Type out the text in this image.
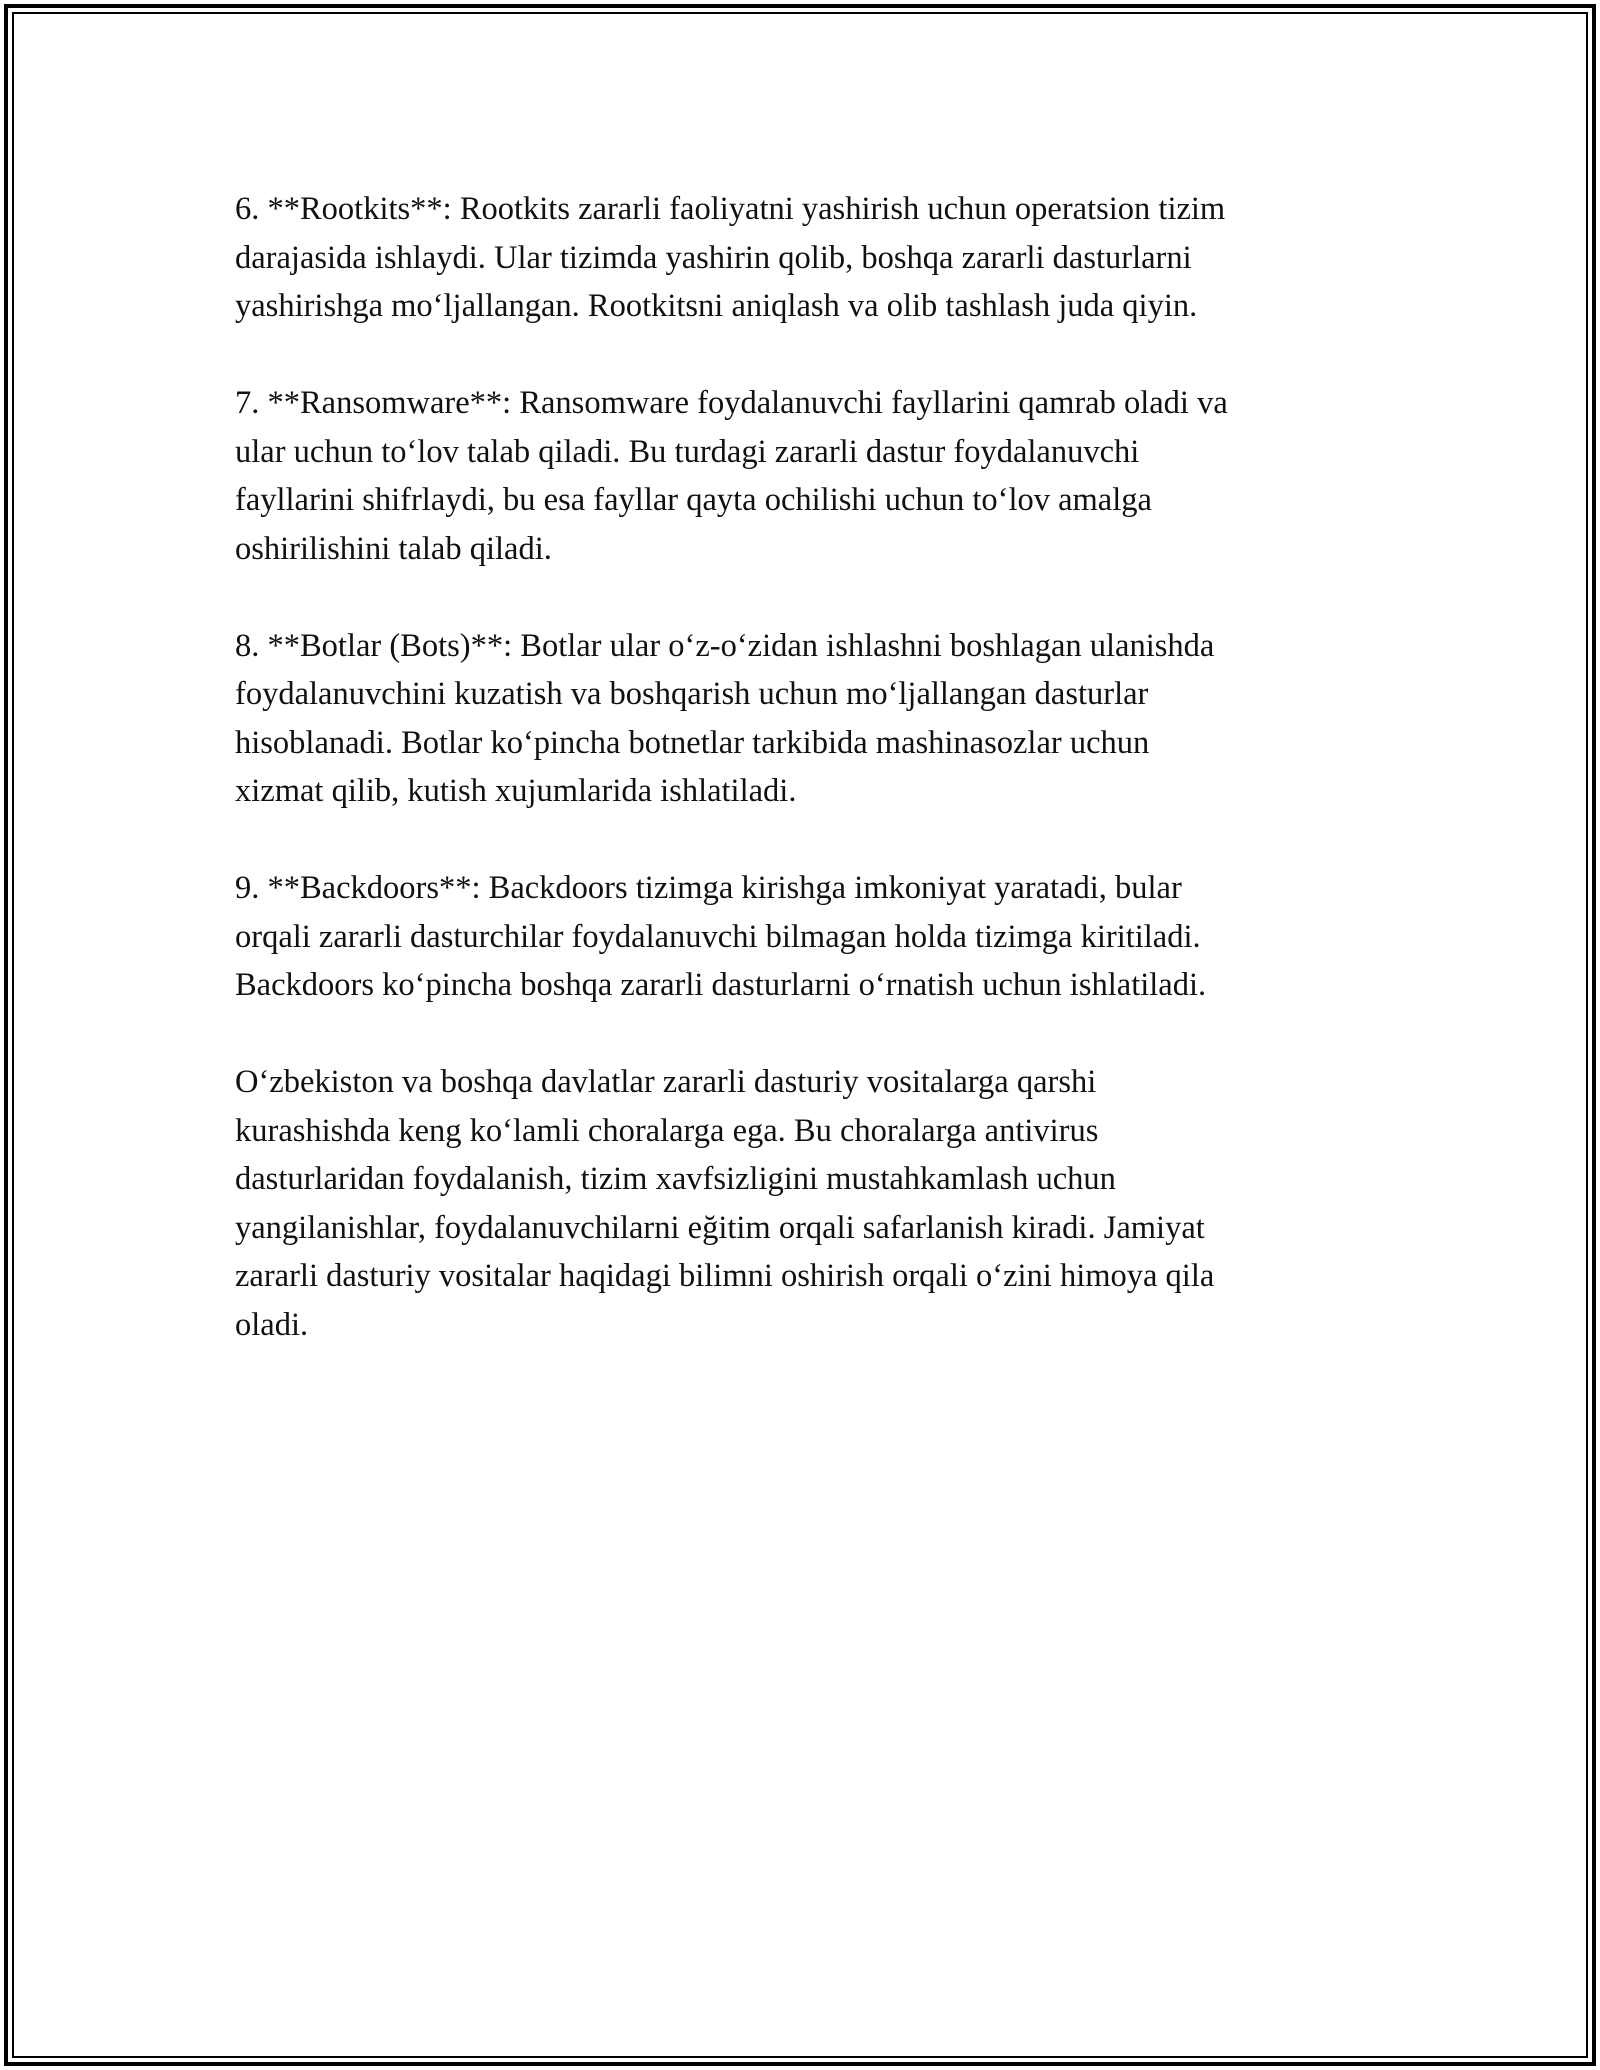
6. **Rootkits**: Rootkits zararli faoliyatni yashirish uchun operatsion tizim
darajasida ishlaydi. Ular tizimda yashirin qolib, boshqa zararli dasturlarni
yashirishga mo‘ljallangan. Rootkitsni aniqlash va olib tashlash juda qiyin.

7. **Ransomware**: Ransomware foydalanuvchi fayllarini qamrab oladi va
ular uchun to‘lov talab qiladi. Bu turdagi zararli dastur foydalanuvchi
fayllarini shifrlaydi, bu esa fayllar qayta ochilishi uchun to‘lov amalga
oshirilishini talab qiladi.

8. **Botlar (Bots)**: Botlar ular o‘z-o‘zidan ishlashni boshlagan ulanishda
foydalanuvchini kuzatish va boshqarish uchun mo‘ljallangan dasturlar
hisoblanadi. Botlar ko‘pincha botnetlar tarkibida mashinasozlar uchun
xizmat qilib, kutish xujumlarida ishlatiladi.

9. **Backdoors**: Backdoors tizimga kirishga imkoniyat yaratadi, bular
orqali zararli dasturchilar foydalanuvchi bilmagan holda tizimga kiritiladi.
Backdoors ko‘pincha boshqa zararli dasturlarni o‘rnatish uchun ishlatiladi.

O‘zbekiston va boshqa davlatlar zararli dasturiy vositalarga qarshi
kurashishda keng ko‘lamli choralarga ega. Bu choralarga antivirus
dasturlaridan foydalanish, tizim xavfsizligini mustahkamlash uchun
yangilanishlar, foydalanuvchilarni eğitim orqali safarlanish kiradi. Jamiyat
zararli dasturiy vositalar haqidagi bilimni oshirish orqali o‘zini himoya qila
oladi.
